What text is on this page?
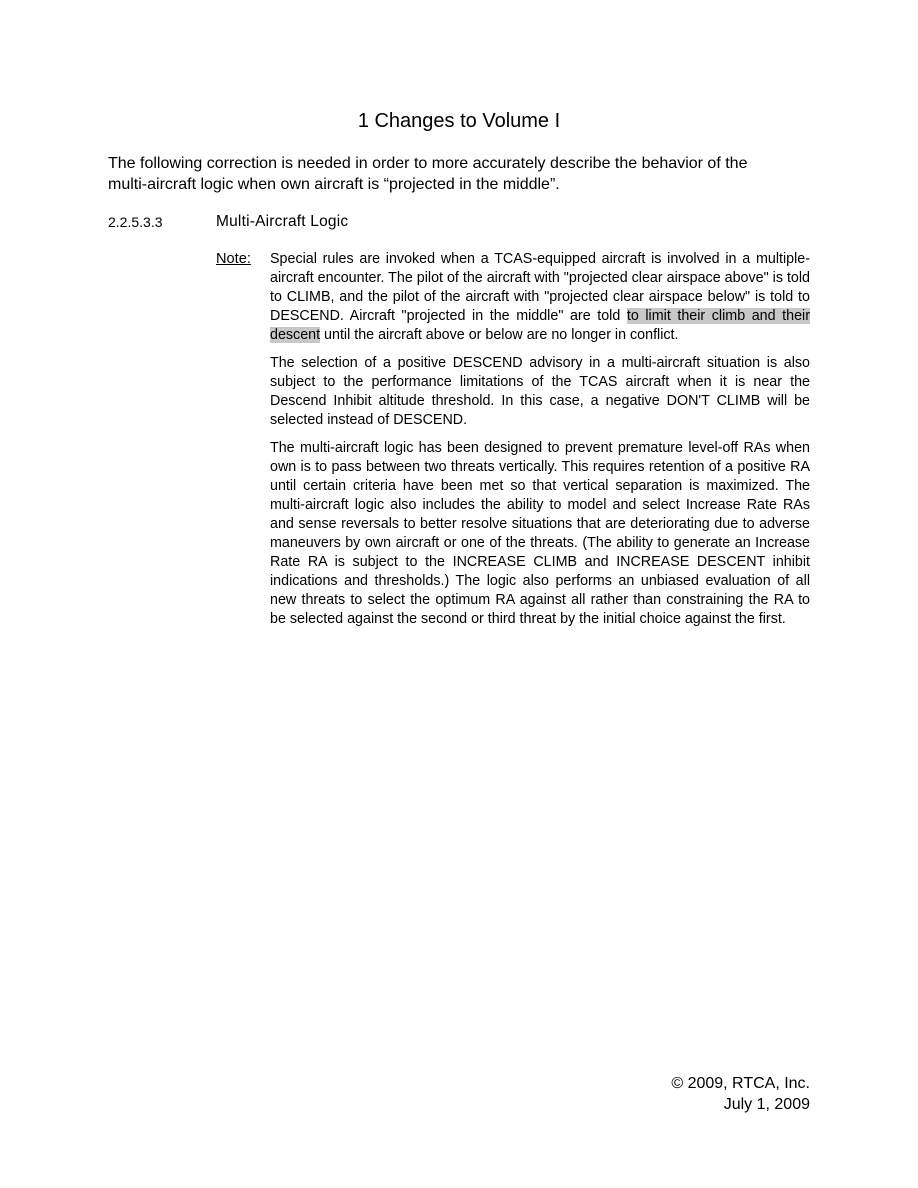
1 Changes to Volume I

The following correction is needed in order to more accurately describe the behavior of the multi-aircraft logic when own aircraft is “projected in the middle”.

2.2.5.3.3	Multi-Aircraft Logic
Note: Special rules are invoked when a TCAS-equipped aircraft is involved in a multiple-aircraft encounter. The pilot of the aircraft with "projected clear airspace above" is told to CLIMB, and the pilot of the aircraft with "projected clear airspace below" is told to DESCEND. Aircraft "projected in the middle" are told to limit their climb and their descent until the aircraft above or below are no longer in conflict.

The selection of a positive DESCEND advisory in a multi-aircraft situation is also subject to the performance limitations of the TCAS aircraft when it is near the Descend Inhibit altitude threshold. In this case, a negative DON'T CLIMB will be selected instead of DESCEND.

The multi-aircraft logic has been designed to prevent premature level-off RAs when own is to pass between two threats vertically. This requires retention of a positive RA until certain criteria have been met so that vertical separation is maximized. The multi-aircraft logic also includes the ability to model and select Increase Rate RAs and sense reversals to better resolve situations that are deteriorating due to adverse maneuvers by own aircraft or one of the threats. (The ability to generate an Increase Rate RA is subject to the INCREASE CLIMB and INCREASE DESCENT inhibit indications and thresholds.) The logic also performs an unbiased evaluation of all new threats to select the optimum RA against all rather than constraining the RA to be selected against the second or third threat by the initial choice against the first.

© 2009, RTCA, Inc.
July 1, 2009
